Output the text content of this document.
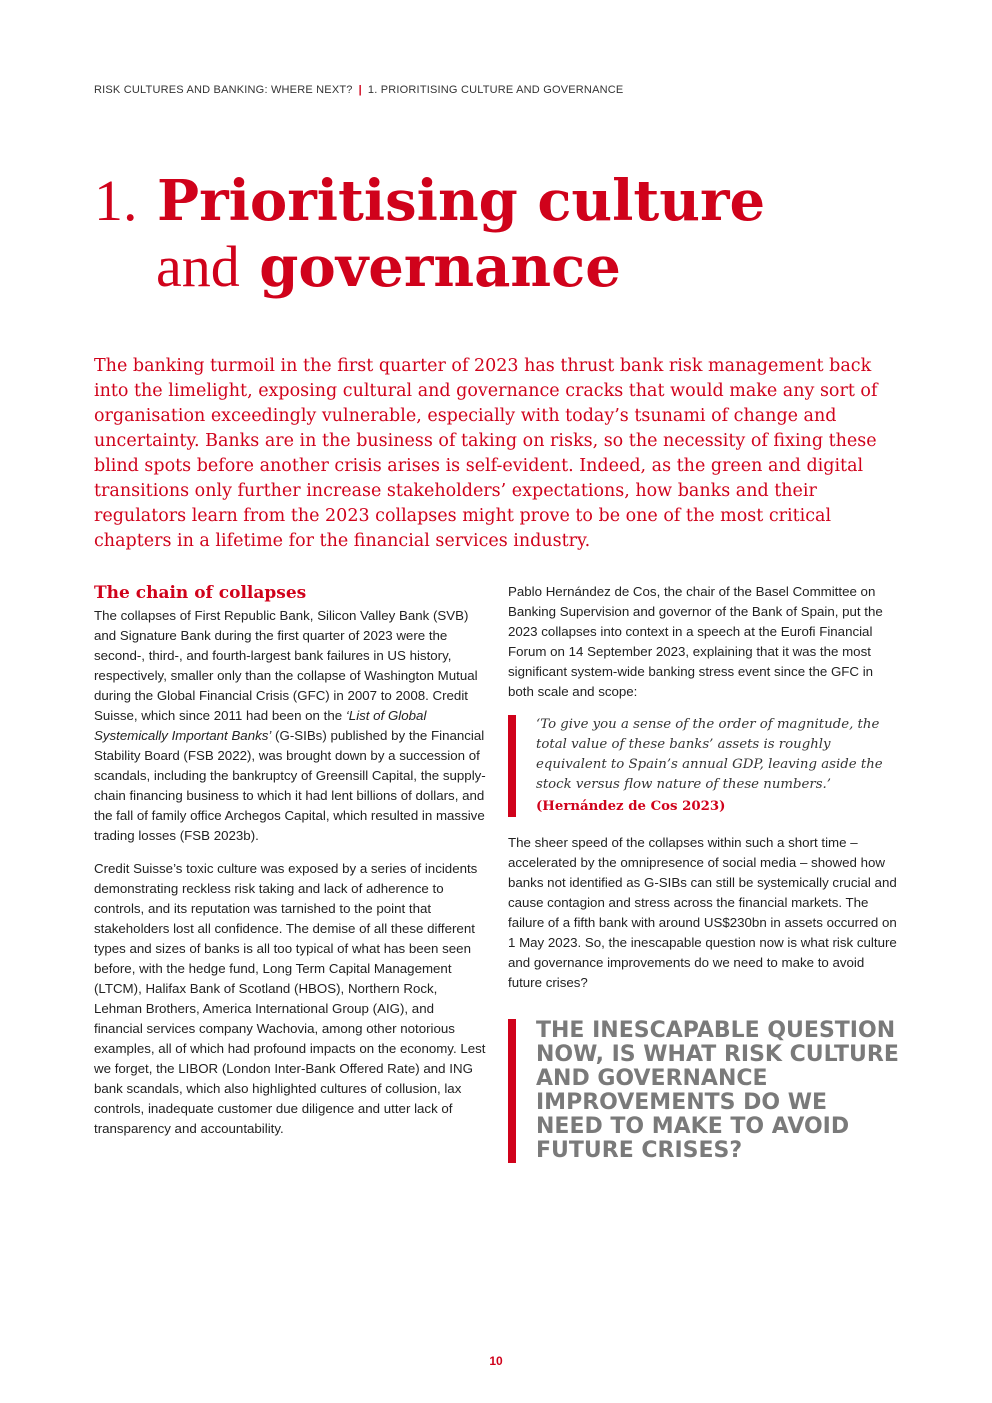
RISK CULTURES AND BANKING: WHERE NEXT? | 1. PRIORITISING CULTURE AND GOVERNANCE
1. Prioritising culture
and governance

The banking turmoil in the first quarter of 2023 has thrust bank risk management back into the limelight, exposing cultural and governance cracks that would make any sort of organisation exceedingly vulnerable, especially with today’s tsunami of change and uncertainty. Banks are in the business of taking on risks, so the necessity of fixing these blind spots before another crisis arises is self-evident. Indeed, as the green and digital transitions only further increase stakeholders’ expectations, how banks and their regulators learn from the 2023 collapses might prove to be one of the most critical chapters in a lifetime for the financial services industry.

The chain of collapses

The collapses of First Republic Bank, Silicon Valley Bank (SVB) and Signature Bank during the first quarter of 2023 were the second-, third-, and fourth-largest bank failures in US history, respectively, smaller only than the collapse of Washington Mutual during the Global Financial Crisis (GFC) in 2007 to 2008. Credit Suisse, which since 2011 had been on the ‘List of Global Systemically Important Banks’ (G-SIBs) published by the Financial Stability Board (FSB 2022), was brought down by a succession of scandals, including the bankruptcy of Greensill Capital, the supply-chain financing business to which it had lent billions of dollars, and the fall of family office Archegos Capital, which resulted in massive trading losses (FSB 2023b).

Credit Suisse’s toxic culture was exposed by a series of incidents demonstrating reckless risk taking and lack of adherence to controls, and its reputation was tarnished to the point that stakeholders lost all confidence. The demise of all these different types and sizes of banks is all too typical of what has been seen before, with the hedge fund, Long Term Capital Management (LTCM), Halifax Bank of Scotland (HBOS), Northern Rock, Lehman Brothers, America International Group (AIG), and financial services company Wachovia, among other notorious examples, all of which had profound impacts on the economy. Lest we forget, the LIBOR (London Inter-Bank Offered Rate) and ING bank scandals, which also highlighted cultures of collusion, lax controls, inadequate customer due diligence and utter lack of transparency and accountability.

Pablo Hernández de Cos, the chair of the Basel Committee on Banking Supervision and governor of the Bank of Spain, put the 2023 collapses into context in a speech at the Eurofi Financial Forum on 14 September 2023, explaining that it was the most significant system-wide banking stress event since the GFC in both scale and scope:

‘To give you a sense of the order of magnitude, the total value of these banks’ assets is roughly equivalent to Spain’s annual GDP, leaving aside the stock versus flow nature of these numbers.’
(Hernández de Cos 2023)

The sheer speed of the collapses within such a short time – accelerated by the omnipresence of social media – showed how banks not identified as G-SIBs can still be systemically crucial and cause contagion and stress across the financial markets. The failure of a fifth bank with around US$230bn in assets occurred on 1 May 2023. So, the inescapable question now is what risk culture and governance improvements do we need to make to avoid future crises?

THE INESCAPABLE QUESTION NOW, IS WHAT RISK CULTURE AND GOVERNANCE IMPROVEMENTS DO WE NEED TO MAKE TO AVOID FUTURE CRISES?
10
